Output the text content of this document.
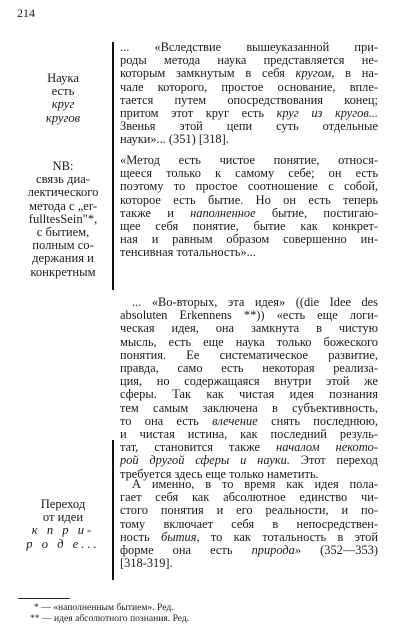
214
Наука
есть
круг
кругов
NB:
связь диа-
лектического
метода с „er-
fulltesSein"*,
с бытием,
полным со-
держания и
конкретным
Переход
от идеи
к п р и-
р о д е...
... «Вследствие вышеуказанной при-
роды метода наука представляется не-
которым замкнутым в себя кругом, в на-
чале которого, простое основание, впле-
тается путем опосредствования конец;
притом этот круг есть круг из кругов...
Звенья этой цепи суть отдельные
науки»... (351) [318].
«Метод есть чистое понятие, относя-
щееся только к самому себе; он есть
поэтому то простое соотношение с собой,
которое есть бытие. Но он есть теперь
также и наполненное бытие, постигаю-
щее себя понятие, бытие как конкрет-
ная и равным образом совершенно ин-
тенсивная тотальность»...
... «Во-вторых, эта идея» ((die Idee des
absoluten Erkennens **)) «есть еще логи-
ческая идея, она замкнута в чистую
мысль, есть еще наука только божеского
понятия. Ее систематическое развитие,
правда, само есть некоторая реализа-
ция, но содержащаяся внутри этой же
сферы. Так как чистая идея познания
тем самым заключена в субъективность,
то она есть влечение снять последнюю,
и чистая истина, как последний резуль-
тат, становится также началом некото-
рой другой сферы и науки. Этот переход
требуется здесь еще только наметить.
А именно, в то время как идея пола-
гает себя как абсолютное единство чи-
стого понятия и его реальности, и по-
тому включает себя в непосредствен-
ность бытия, то как тотальность в этой
форме она есть природа» (352—353)
[318-319].
* — «наполненным бытием». Ред.
** — идея абсолютного познания. Ред.
